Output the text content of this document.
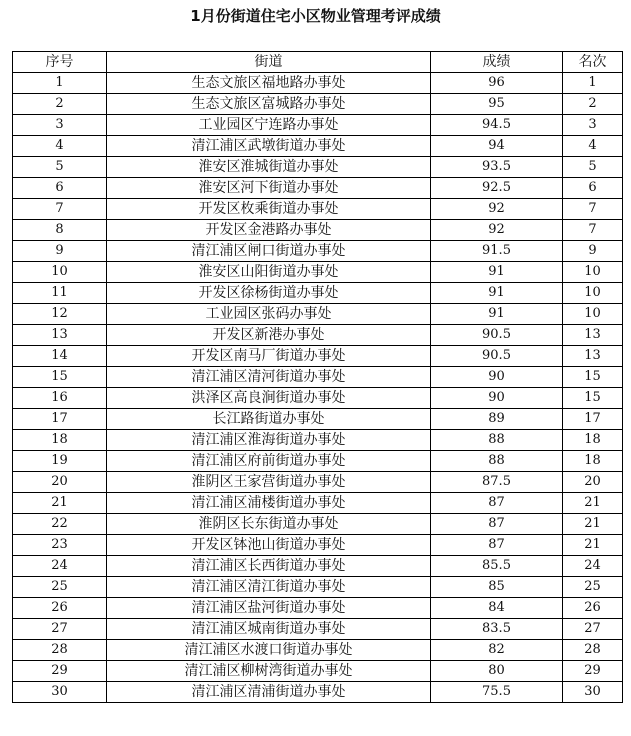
1月份街道住宅小区物业管理考评成绩
序号	街道	成绩	名次
1	生态文旅区福地路办事处	96	1
2	生态文旅区富城路办事处	95	2
3	工业园区宁连路办事处	94.5	3
4	清江浦区武墩街道办事处	94	4
5	淮安区淮城街道办事处	93.5	5
6	淮安区河下街道办事处	92.5	6
7	开发区枚乘街道办事处	92	7
8	开发区金港路办事处	92	7
9	清江浦区闸口街道办事处	91.5	9
10	淮安区山阳街道办事处	91	10
11	开发区徐杨街道办事处	91	10
12	工业园区张码办事处	91	10
13	开发区新港办事处	90.5	13
14	开发区南马厂街道办事处	90.5	13
15	清江浦区清河街道办事处	90	15
16	洪泽区高良涧街道办事处	90	15
17	长江路街道办事处	89	17
18	清江浦区淮海街道办事处	88	18
19	清江浦区府前街道办事处	88	18
20	淮阴区王家营街道办事处	87.5	20
21	清江浦区浦楼街道办事处	87	21
22	淮阴区长东街道办事处	87	21
23	开发区钵池山街道办事处	87	21
24	清江浦区长西街道办事处	85.5	24
25	清江浦区清江街道办事处	85	25
26	清江浦区盐河街道办事处	84	26
27	清江浦区城南街道办事处	83.5	27
28	清江浦区水渡口街道办事处	82	28
29	清江浦区柳树湾街道办事处	80	29
30	清江浦区清浦街道办事处	75.5	30
